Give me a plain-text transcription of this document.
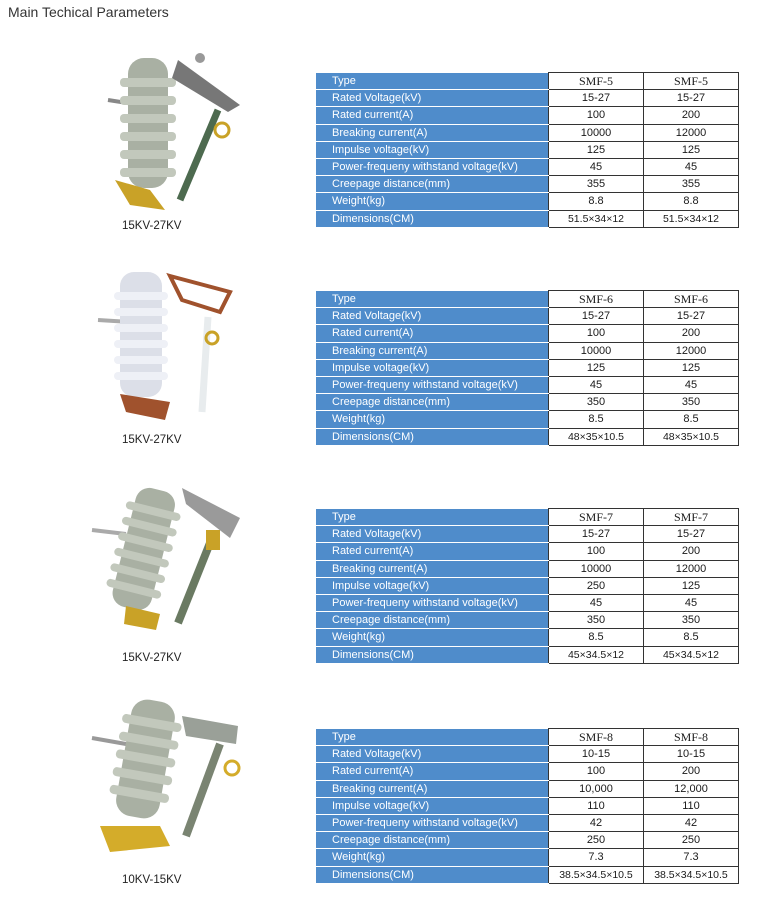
Main Techical Parameters
15KV-27KV
Type	SMF-5	SMF-5
Rated Voltage(kV)	15-27	15-27
Rated current(A)	100	200
Breaking current(A)	10000	12000
Impulse voltage(kV)	125	125
Power-frequeny withstand voltage(kV)	45	45
Creepage distance(mm)	355	355
Weight(kg)	8.8	8.8
Dimensions(CM)	51.5×34×12	51.5×34×12
15KV-27KV
Type	SMF-6	SMF-6
Rated Voltage(kV)	15-27	15-27
Rated current(A)	100	200
Breaking current(A)	10000	12000
Impulse voltage(kV)	125	125
Power-frequeny withstand voltage(kV)	45	45
Creepage distance(mm)	350	350
Weight(kg)	8.5	8.5
Dimensions(CM)	48×35×10.5	48×35×10.5
15KV-27KV
Type	SMF-7	SMF-7
Rated Voltage(kV)	15-27	15-27
Rated current(A)	100	200
Breaking current(A)	10000	12000
Impulse voltage(kV)	250	125
Power-frequeny withstand voltage(kV)	45	45
Creepage distance(mm)	350	350
Weight(kg)	8.5	8.5
Dimensions(CM)	45×34.5×12	45×34.5×12
10KV-15KV
Type	SMF-8	SMF-8
Rated Voltage(kV)	10-15	10-15
Rated current(A)	100	200
Breaking current(A)	10,000	12,000
Impulse voltage(kV)	110	110
Power-frequeny withstand voltage(kV)	42	42
Creepage distance(mm)	250	250
Weight(kg)	7.3	7.3
Dimensions(CM)	38.5×34.5×10.5	38.5×34.5×10.5
